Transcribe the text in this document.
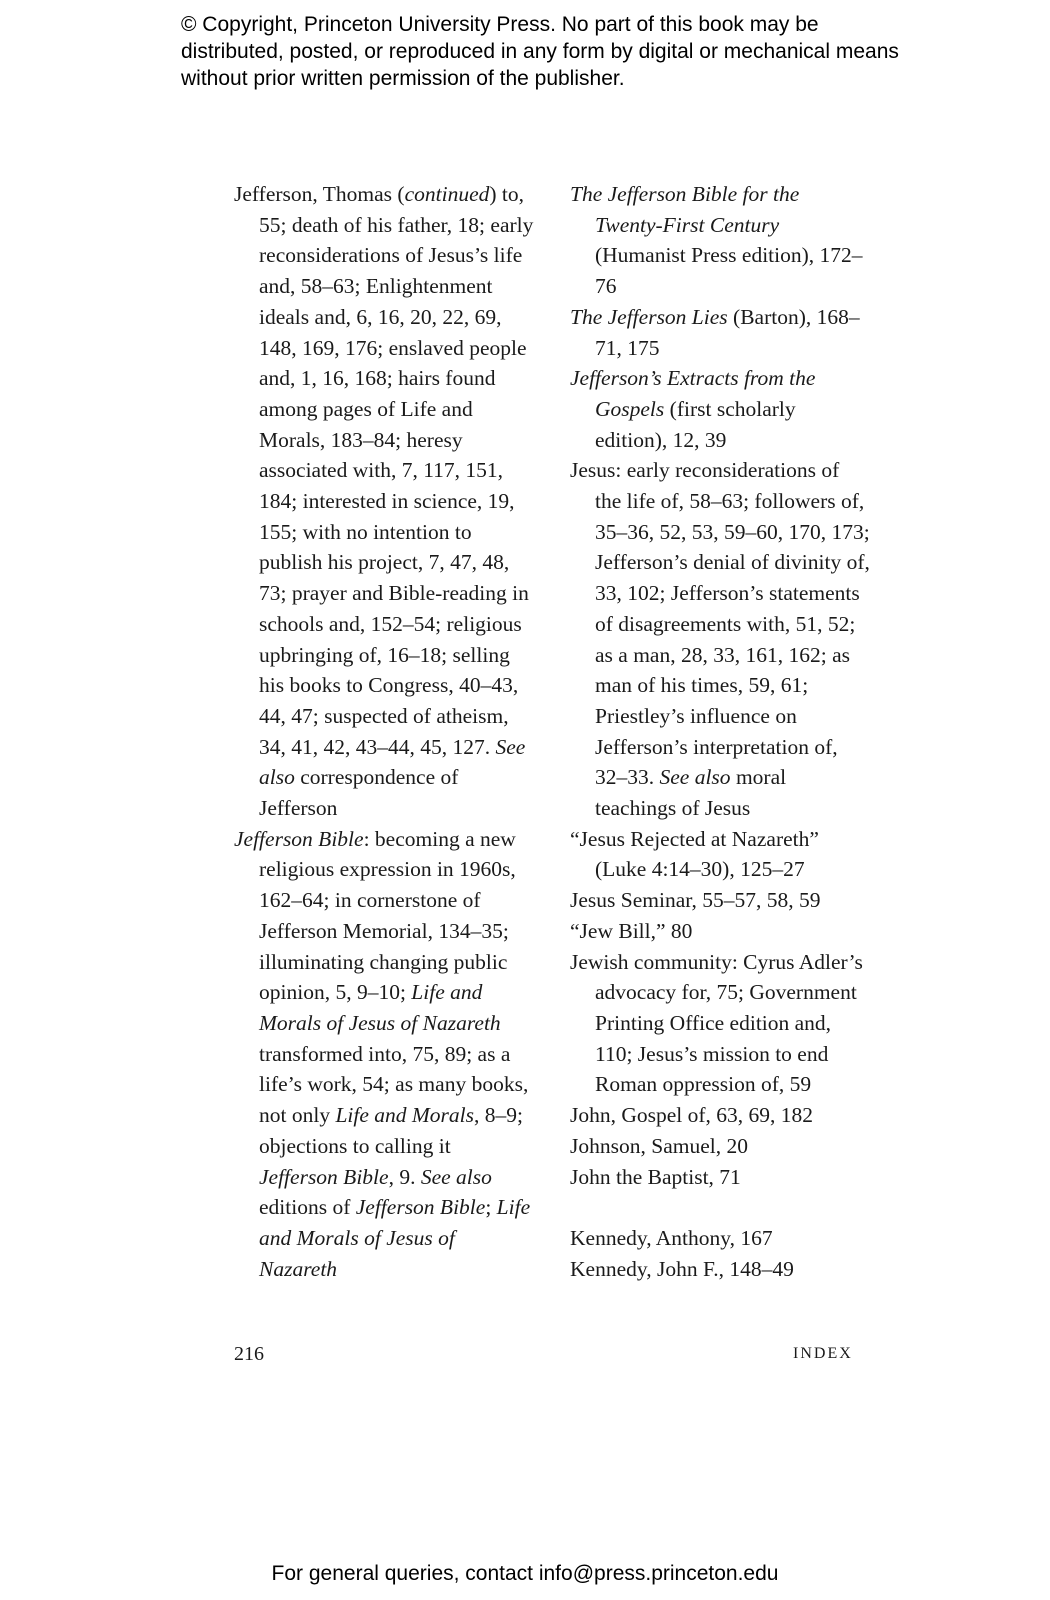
© Copyright, Princeton University Press. No part of this book may be distributed, posted, or reproduced in any form by digital or mechanical means without prior written permission of the publisher.

Jefferson, Thomas (continued) to, 55; death of his father, 18; early reconsiderations of Jesus’s life and, 58–63; Enlightenment ideals and, 6, 16, 20, 22, 69, 148, 169, 176; enslaved people and, 1, 16, 168; hairs found among pages of Life and Morals, 183–84; heresy associated with, 7, 117, 151, 184; interested in science, 19, 155; with no intention to publish his project, 7, 47, 48, 73; prayer and Bible-reading in schools and, 152–54; religious upbringing of, 16–18; selling his books to Congress, 40–43, 44, 47; suspected of atheism, 34, 41, 42, 43–44, 45, 127. See also correspondence of Jefferson

Jefferson Bible: becoming a new religious expression in 1960s, 162–64; in cornerstone of Jefferson Memorial, 134–35; illuminating changing public opinion, 5, 9–10; Life and Morals of Jesus of Nazareth transformed into, 75, 89; as a life’s work, 54; as many books, not only Life and Morals, 8–9; objections to calling it Jefferson Bible, 9. See also editions of Jefferson Bible; Life and Morals of Jesus of Nazareth

The Jefferson Bible for the Twenty-First Century (Humanist Press edition), 172–76

The Jefferson Lies (Barton), 168–71, 175

Jefferson’s Extracts from the Gospels (first scholarly edition), 12, 39

Jesus: early reconsiderations of the life of, 58–63; followers of, 35–36, 52, 53, 59–60, 170, 173; Jefferson’s denial of divinity of, 33, 102; Jefferson’s statements of disagreements with, 51, 52; as a man, 28, 33, 161, 162; as man of his times, 59, 61; Priestley’s influence on Jefferson’s interpretation of, 32–33. See also moral teachings of Jesus

“Jesus Rejected at Nazareth” (Luke 4:14–30), 125–27

Jesus Seminar, 55–57, 58, 59

“Jew Bill,” 80

Jewish community: Cyrus Adler’s advocacy for, 75; Government Printing Office edition and, 110; Jesus’s mission to end Roman oppression of, 59

John, Gospel of, 63, 69, 182

Johnson, Samuel, 20

John the Baptist, 71

Kennedy, Anthony, 167

Kennedy, John F., 148–49

216	INDEX
For general queries, contact info@press.princeton.edu
